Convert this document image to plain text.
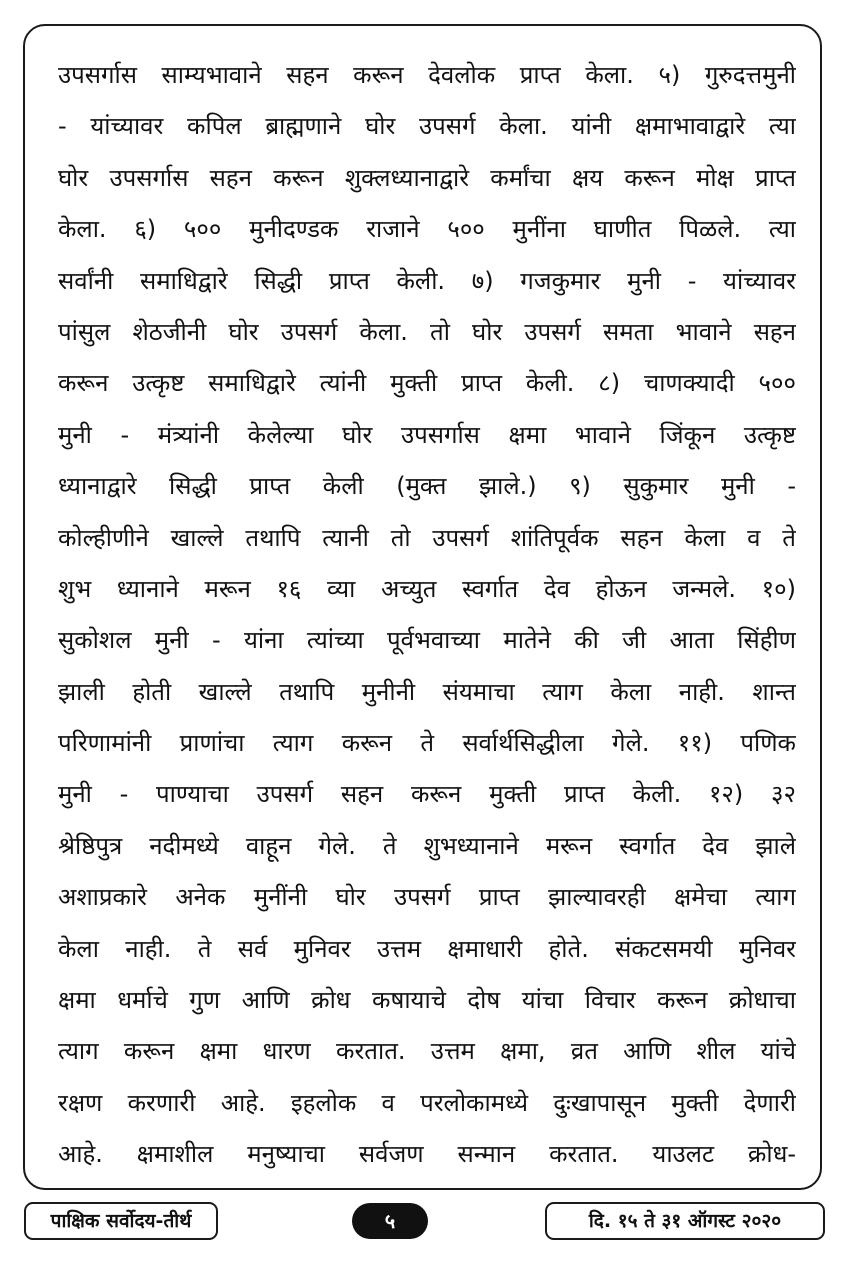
उपसर्गास साम्यभावाने सहन करून देवलोक प्राप्त केला. ५) गुरुदत्तमुनी
- यांच्यावर कपिल ब्राह्मणाने घोर उपसर्ग केला. यांनी क्षमाभावाद्वारे त्या
घोर उपसर्गास सहन करून शुक्लध्यानाद्वारे कर्मांचा क्षय करून मोक्ष प्राप्त
केला. ६) ५०० मुनीदण्डक राजाने ५०० मुनींना घाणीत पिळले. त्या
सर्वांनी समाधिद्वारे सिद्धी प्राप्त केली. ७) गजकुमार मुनी - यांच्यावर
पांसुल शेठजीनी घोर उपसर्ग केला. तो घोर उपसर्ग समता भावाने सहन
करून उत्कृष्ट समाधिद्वारे त्यांनी मुक्ती प्राप्त केली. ८) चाणक्यादी ५००
मुनी - मंत्र्यांनी केलेल्या घोर उपसर्गास क्षमा भावाने जिंकून उत्कृष्ट
ध्यानाद्वारे सिद्धी प्राप्त केली (मुक्त झाले.) ९) सुकुमार मुनी -
कोल्हीणीने खाल्ले तथापि त्यानी तो उपसर्ग शांतिपूर्वक सहन केला व ते
शुभ ध्यानाने मरून १६ व्या अच्युत स्वर्गात देव होऊन जन्मले. १०)
सुकोशल मुनी - यांना त्यांच्या पूर्वभवाच्या मातेने की जी आता सिंहीण
झाली होती खाल्ले तथापि मुनीनी संयमाचा त्याग केला नाही. शान्त
परिणामांनी प्राणांचा त्याग करून ते सर्वार्थसिद्धीला गेले. ११) पणिक
मुनी - पाण्याचा उपसर्ग सहन करून मुक्ती प्राप्त केली. १२) ३२
श्रेष्ठिपुत्र नदीमध्ये वाहून गेले. ते शुभध्यानाने मरून स्वर्गात देव झाले
अशाप्रकारे अनेक मुनींनी घोर उपसर्ग प्राप्त झाल्यावरही क्षमेचा त्याग
केला नाही. ते सर्व मुनिवर उत्तम क्षमाधारी होते. संकटसमयी मुनिवर
क्षमा धर्माचे गुण आणि क्रोध कषायाचे दोष यांचा विचार करून क्रोधाचा
त्याग करून क्षमा धारण करतात. उत्तम क्षमा, व्रत आणि शील यांचे
रक्षण करणारी आहे. इहलोक व परलोकामध्ये दुःखापासून मुक्ती देणारी
आहे. क्षमाशील मनुष्याचा सर्वजण सन्मान करतात. याउलट क्रोध-
पाक्षिक सर्वोदय-तीर्थ	५	दि. १५ ते ३१ ऑगस्ट २०२०
